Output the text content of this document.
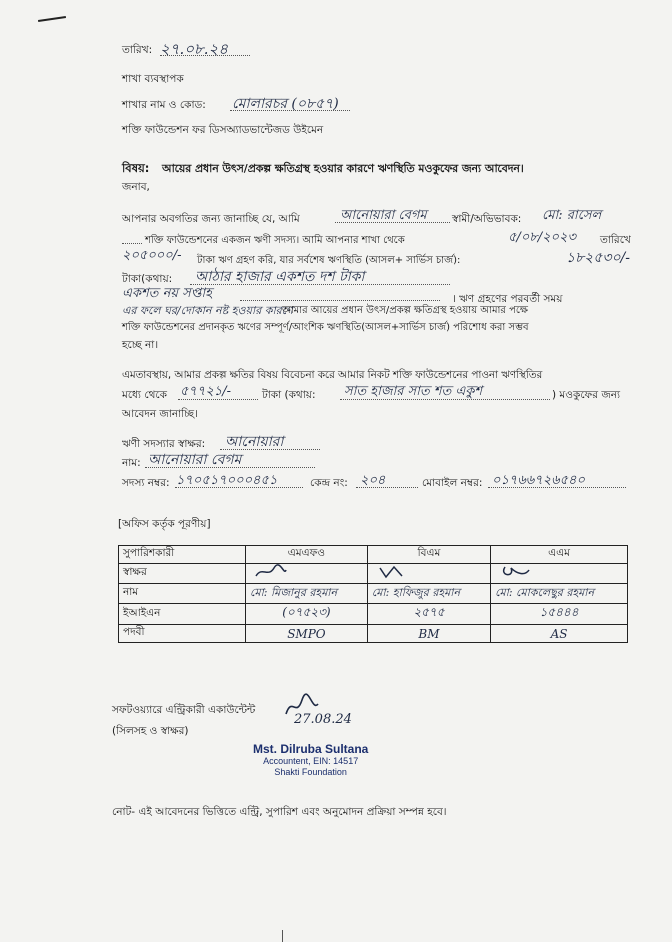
তারিখ: ২৭.০৮.২৪
শাখা ব্যবস্থাপক
শাখার নাম ও কোড: মোলারচর (০৮৫৭)
শক্তি ফাউন্ডেশন ফর ডিসঅ্যাডভান্টেজড উইমেন
বিষয়: আয়ের প্রধান উৎস/প্রকল্প ক্ষতিগ্রস্থ হওয়ার কারণে ঋণস্থিতি মওকুফের জন্য আবেদন।
জনাব,
আপনার অবগতির জন্য জানাচ্ছি যে, আমি	আনোয়ারা বেগম স্বামী/অভিভাবক: মো: রাসেল
শক্তি ফাউন্ডেশনের একজন ঋণী সদস্য। আমি আপনার শাখা থেকে	৫/০৮/২০২৩ তারিখে
২০৫০০০/- টাকা ঋণ গ্রহণ করি, যার সর্বশেষ ঋণস্থিতি (আসল+ সার্ভিস চার্জ):	১৮২৫৩০/-
টাকা(কথায়: আঠার হাজার একশত দশ টাকা
একশত নয় সপ্তাহ	। ঋণ গ্রহণের পরবর্তী সময়
এর ফলে ঘর/দোকান নষ্ট হওয়ার কারণে
আমার আয়ের প্রধান উৎস/প্রকল্প ক্ষতিগ্রস্থ হওয়ায় আমার পক্ষে
শক্তি ফাউন্ডেশনের প্রদানকৃত ঋণের সম্পূর্ণ/আংশিক ঋণস্থিতি(আসল+সার্ভিস চার্জ) পরিশোধ করা সম্ভব
হচ্ছে না।
এমতাবস্থায়, আমার প্রকল্প ক্ষতির বিষয় বিবেচনা করে আমার নিকট শক্তি ফাউন্ডেশনের পাওনা ঋণস্থিতির
মধ্যে থেকে ৫৭৭২১/-	টাকা (কথায়: সাত হাজার সাত শত একুশ	) মওকুফের জন্য
আবেদন জানাচ্ছি।
ঋণী সদস্যার স্বাক্ষর: আনোয়ারা
নাম: আনোয়ারা বেগম
সদস্য নম্বর: ১৭০৫১৭০০০৪৫১	কেন্দ্র নং: ২০৪	মোবাইল নম্বর: ০১৭৬৬৭২৬৫৪০
[অফিস কর্তৃক পূরণীয়]
সুপারিশকারী	এমএফও	বিএম	এএম
স্বাক্ষর			
নাম	মো: মিজানুর রহমান	মো: হাফিজুর রহমান	মো: মোকলেছুর রহমান
ইআইএন	(০৭৫২৩)	২৫৭৫	১৫৪৪৪
পদবী	SMPO	BM	AS
সফটওয়্যারে এন্ট্রিকারী একাউন্টেন্ট
(সিলসহ ও স্বাক্ষর)
27.08.24
Mst. Dilruba Sultana
Accountent, EIN: 14517
Shakti Foundation
নোট- এই আবেদনের ভিত্তিতে এন্ট্রি, সুপারিশ এবং অনুমোদন প্রক্রিয়া সম্পন্ন হবে।
